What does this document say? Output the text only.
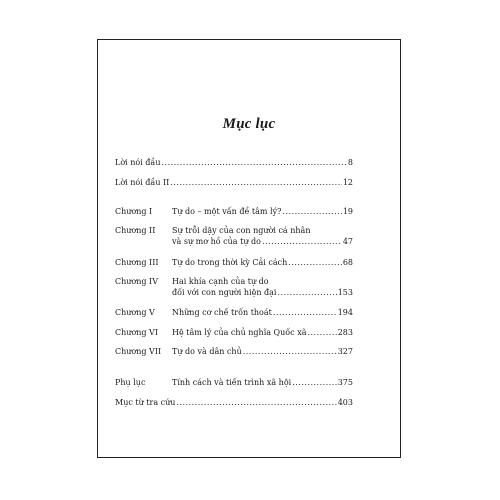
Mục lục
Lời nói đầu .....	8
Lời nói đầu II .....	12
Chương I	Tự do – một vấn đề tâm lý? .....	19
Chương II	Sự trỗi dậy của con người cá nhân
và sự mơ hồ của tự do .....	47
Chương III	Tự do trong thời kỳ Cải cách .....	68
Chương IV	Hai khía cạnh của tự do
đối với con người hiện đại .....	153
Chương V	Những cơ chế trốn thoát .....	194
Chương VI	Hệ tâm lý của chủ nghĩa Quốc xã .....	283
Chương VII	Tự do và dân chủ .....	327
Phụ lục	Tính cách và tiến trình xã hội .....	375
Mục từ tra cứu .....	403
